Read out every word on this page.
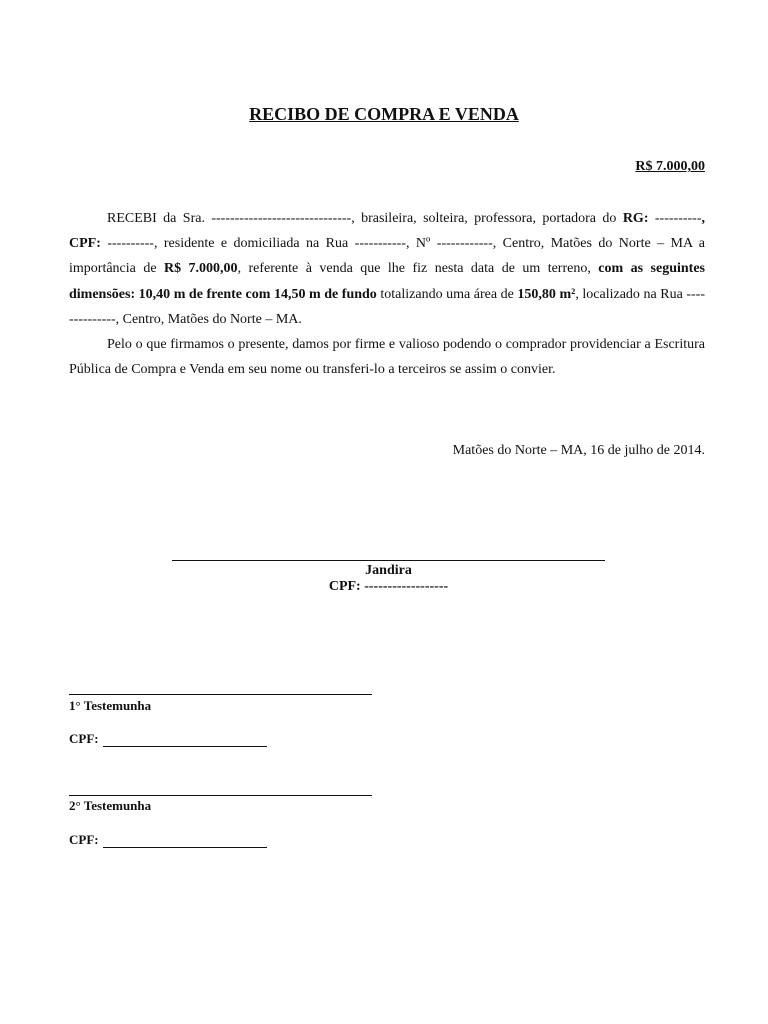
RECIBO DE COMPRA E VENDA
R$ 7.000,00

RECEBI da Sra. ------------------------------, brasileira, solteira, professora, portadora do RG: ----------, CPF: ----------, residente e domiciliada na Rua -----------, Nº ------------, Centro, Matões do Norte – MA a importância de R$ 7.000,00, referente à venda que lhe fiz nesta data de um terreno, com as seguintes dimensões: 10,40 m de frente com 14,50 m de fundo totalizando uma área de 150,80 m², localizado na Rua --------------, Centro, Matões do Norte – MA.

Pelo o que firmamos o presente, damos por firme e valioso podendo o comprador providenciar a Escritura Pública de Compra e Venda em seu nome ou transferi-lo a terceiros se assim o convier.

Matões do Norte – MA, 16 de julho de 2014.
Jandira
CPF: ------------------
1° Testemunha
CPF:
2° Testemunha
CPF:
